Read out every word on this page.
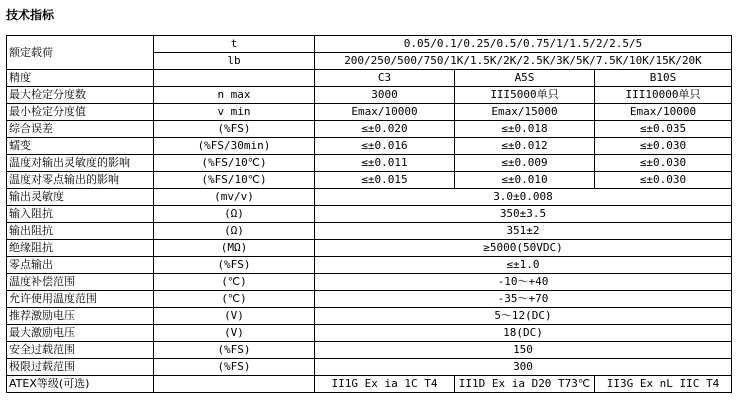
技术指标
额定载荷	t	0.05/0.1/0.25/0.5/0.75/1/1.5/2/2.5/5		
	lb	200/250/500/750/1K/1.5K/2K/2.5K/3K/5K/7.5K/10K/15K/20K		
精度		C3	A5S	B10S
最大检定分度数	n max	3000	III5000单只	III10000单只
最小检定分度值	v min	Emax/10000	Emax/15000	Emax/10000
综合误差	(%FS)	≤±0.020	≤±0.018	≤±0.035
蠕变	(%FS/30min)	≤±0.016	≤±0.012	≤±0.030
温度对输出灵敏度的影响	(%FS/10℃)	≤±0.011	≤±0.009	≤±0.030
温度对零点输出的影响	(%FS/10℃)	≤±0.015	≤±0.010	≤±0.030
输出灵敏度	(mv/v)	3.0±0.008		
输入阻抗	(Ω)	350±3.5		
输出阻抗	(Ω)	351±2		
绝缘阻抗	(MΩ)	≥5000(50VDC)		
零点输出	(%FS)	≤±1.0		
温度补偿范围	(℃)	-10～+40		
允许使用温度范围	(℃)	-35～+70		
推荐激励电压	(V)	5～12(DC)		
最大激励电压	(V)	18(DC)		
安全过载范围	(%FS)	150		
极限过载范围	(%FS)	300		
ATEX等级(可选)		II1G Ex ia 1C T4	II1D Ex ia D20 T73℃	II3G Ex nL IIC T4
